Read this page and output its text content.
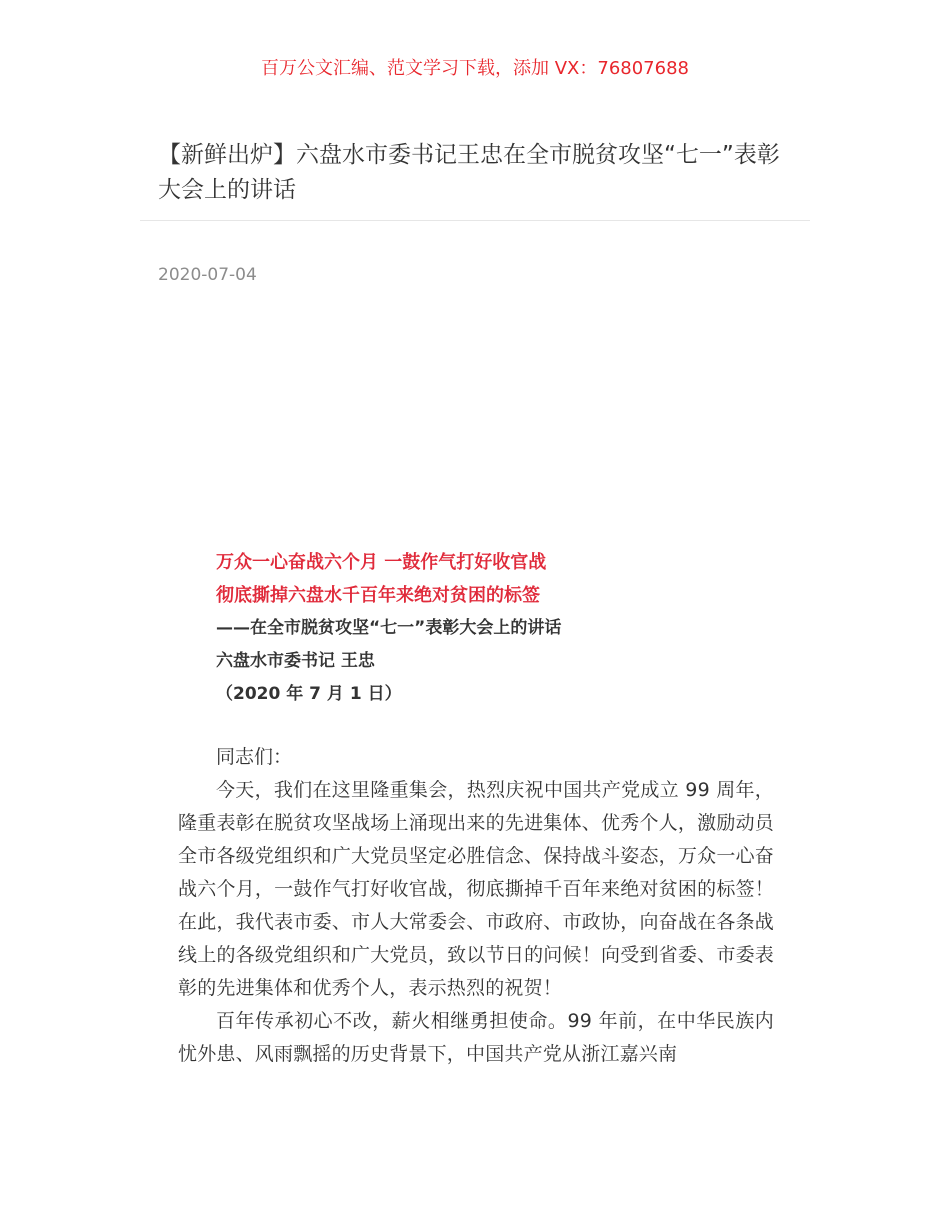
百万公文汇编、范文学习下载，添加 VX：76807688
【新鲜出炉】六盘水市委书记王忠在全市脱贫攻坚“七一”表彰大会上的讲话
2020-07-04

万众一心奋战六个月 一鼓作气打好收官战

彻底撕掉六盘水千百年来绝对贫困的标签

——在全市脱贫攻坚“七一”表彰大会上的讲话

六盘水市委书记 王忠

（2020 年 7 月 1 日）

同志们：

今天，我们在这里隆重集会，热烈庆祝中国共产党成立 99 周年，隆重表彰在脱贫攻坚战场上涌现出来的先进集体、优秀个人，激励动员全市各级党组织和广大党员坚定必胜信念、保持战斗姿态，万众一心奋战六个月，一鼓作气打好收官战，彻底撕掉千百年来绝对贫困的标签！在此，我代表市委、市人大常委会、市政府、市政协，向奋战在各条战线上的各级党组织和广大党员，致以节日的问候！向受到省委、市委表彰的先进集体和优秀个人，表示热烈的祝贺！

百年传承初心不改，薪火相继勇担使命。99 年前，在中华民族内忧外患、风雨飘摇的历史背景下，中国共产党从浙江嘉兴南
